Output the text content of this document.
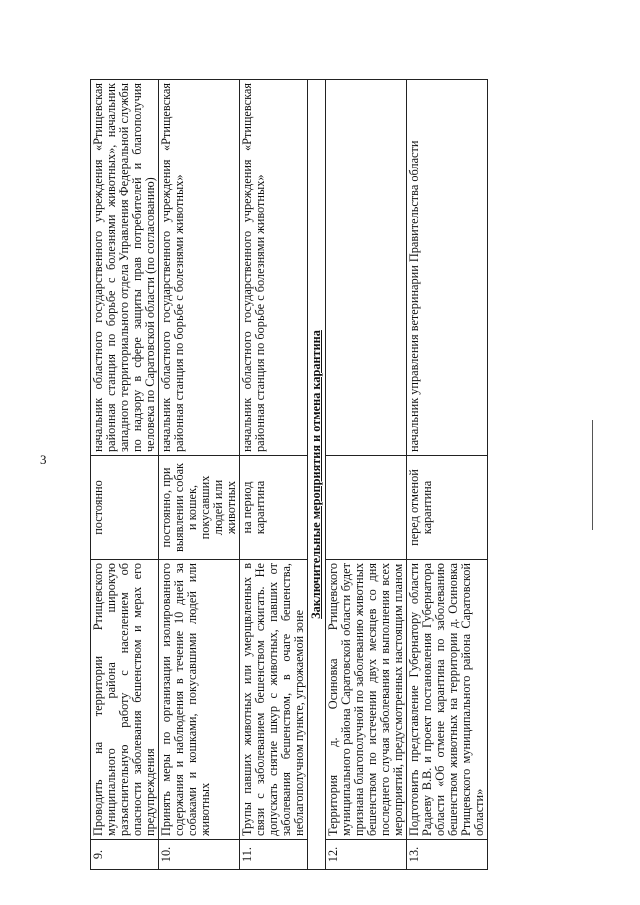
3
9.	Проводить на территории Ртищевского муниципального района широкую разъяснительную работу с населением об опасности заболевания бешенством и мерах его предупреждения	постоянно	начальник областного государственного учреждения «Ртищевская районная станция по борьбе с болезнями животных», начальник западного территориального отдела Управления Федеральной службы по надзору в сфере защиты прав потребителей и благополучия человека по Саратовской области (по согласованию)
10.	Принять меры по организации изолированного содержания и наблюдения в течение 10 дней за собаками и кошками, покусавшими людей или животных	постоянно, при выявлении собак и кошек, покусавших людей или животных	начальник областного государственного учреждения «Ртищевская районная станция по борьбе с болезнями животных»
11.	Трупы павших животных или умерщвленных в связи с заболеванием бешенством сжигать. Не допускать снятие шкур с животных, павших от заболевания бешенством, в очаге бешенства, неблагополучном пункте, угрожаемой зоне	на период карантина	начальник областного государственного учреждения «Ртищевская районная станция по борьбе с болезнями животных»
Заключительные мероприятия и отмена карантина			
12.	Территория д. Осиновка Ртищевского муниципального района Саратовской области будет признана благополучной по заболеванию животных бешенством по истечении двух месяцев со дня последнего случая заболевания и выполнения всех мероприятий, предусмотренных настоящим планом		
13.	Подготовить представление Губернатору области Радаеву В.В. и проект постановления Губернатора области «Об отмене карантина по заболеванию бешенством животных на территории д. Осиновка Ртищевского муниципального района Саратовской области»	перед отменой карантина	начальник управления ветеринарии Правительства области
